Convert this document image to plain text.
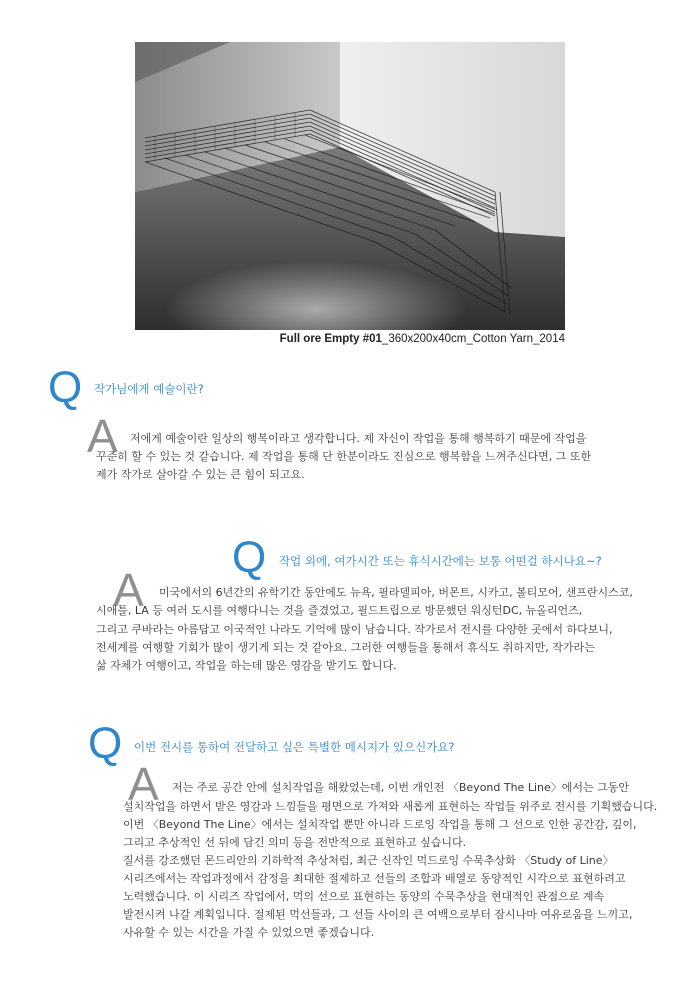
Full ore Empty #01_360x200x40cm_Cotton Yarn_2014
Q 작가님에게 예술이란?
A 저에게 예술이란 일상의 행복이라고 생각합니다. 제 자신이 작업을 통해 행복하기 때문에 작업을
꾸준히 할 수 있는 것 같습니다. 제 작업을 통해 단 한분이라도 진심으로 행복함을 느껴주신다면, 그 또한
제가 작가로 살아갈 수 있는 큰 힘이 되고요.
Q 작업 외에, 여가시간 또는 휴식시간에는 보통 어떤걸 하시나요~?
A 미국에서의 6년간의 유학기간 동안에도 뉴욕, 필라델피아, 버몬트, 시카고, 볼티모어, 샌프란시스코,
시애틀, LA 등 여러 도시를 여행다니는 것을 즐겼었고, 필드트립으로 방문했던 워싱턴DC, 뉴올리언즈,
그리고 쿠바라는 아름답고 이국적인 나라도 기억에 많이 남습니다. 작가로서 전시를 다양한 곳에서 하다보니,
전세계를 여행할 기회가 많이 생기게 되는 것 같아요. 그러한 여행들을 통해서 휴식도 취하지만, 작가라는
삶 자체가 여행이고, 작업을 하는데 많은 영감을 받기도 합니다.
Q 이번 전시를 통하여 전달하고 싶은 특별한 메시지가 있으신가요?
A 저는 주로 공간 안에 설치작업을 해왔었는데, 이번 개인전 〈Beyond The Line〉에서는 그동안
설치작업을 하면서 받은 영감과 느낌들을 평면으로 가져와 새롭게 표현하는 작업들 위주로 전시를 기획했습니다.
이번 〈Beyond The Line〉에서는 설치작업 뿐만 아니라 드로잉 작업을 통해 그 선으로 인한 공간감, 깊이,
그리고 추상적인 선 뒤에 담긴 의미 등을 전반적으로 표현하고 싶습니다.
질서를 강조했던 몬드리안의 기하학적 추상처럼, 최근 신작인 먹드로잉 수묵추상화 〈Study of Line〉
시리즈에서는 작업과정에서 감정을 최대한 절제하고 선들의 조합과 배열로 동양적인 시각으로 표현하려고
노력했습니다. 이 시리즈 작업에서, 먹의 선으로 표현하는 동양의 수묵추상을 현대적인 관점으로 계속
발전시켜 나갈 계획입니다. 절제된 먹선들과, 그 선들 사이의 큰 여백으로부터 잠시나마 여유로움을 느끼고,
사유할 수 있는 시간을 가질 수 있었으면 좋겠습니다.
